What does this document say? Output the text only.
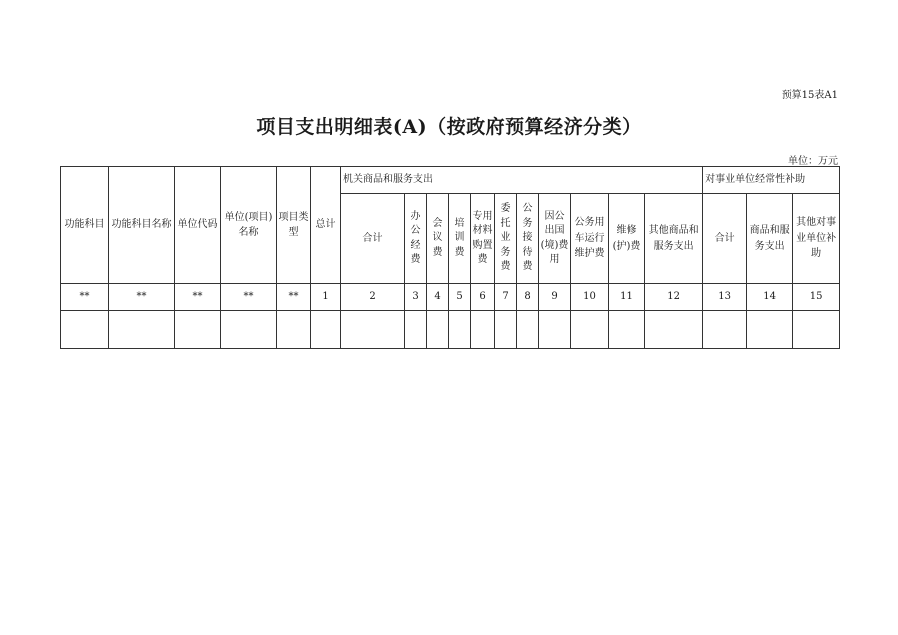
预算15表A1
项目支出明细表(A)（按政府预算经济分类）
单位：万元
功能科目	功能科目名称	单位代码	单位(项目)名称	项目类型	总计	机关商品和服务支出											对事业单位经常性补助		
						合计	办公经费	会议费	培训费	专用材料购置费	委托业务费	公务接待费	因公出国(境)费用	公务用车运行维护费	维修(护)费	其他商品和服务支出	合计	商品和服务支出	其他对事业单位补助
**	**	**	**	**	1	2	3	4	5	6	7	8	9	10	11	12	13	14	15
